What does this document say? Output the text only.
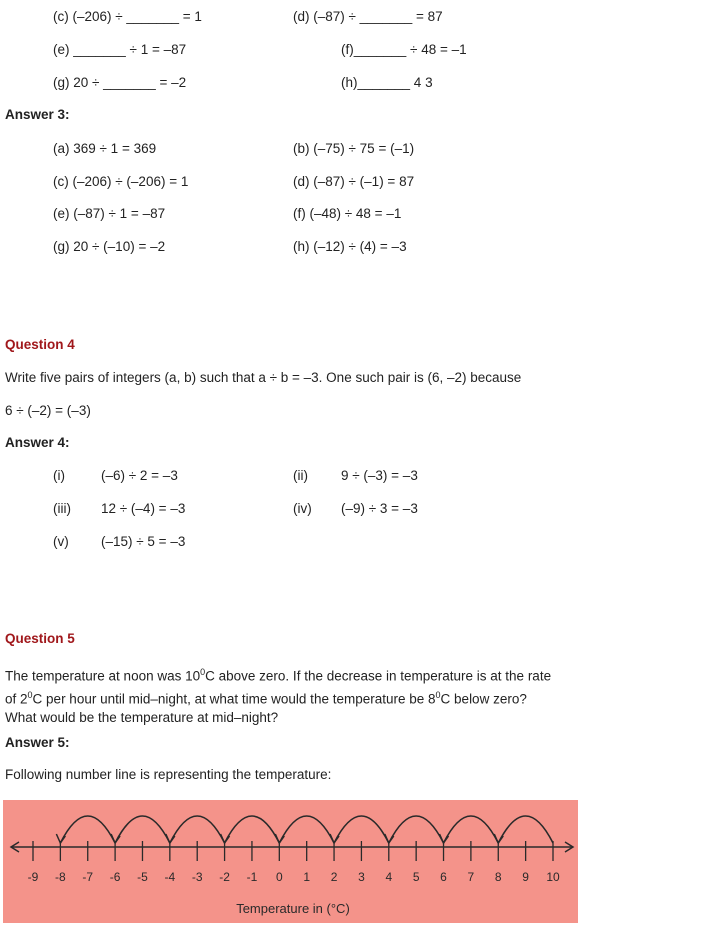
(c) (–206) ÷ _______ = 1	(d) (–87) ÷ _______ = 87
(e) _______ ÷ 1 = –87	(f)_______ ÷ 48 = –1
(g) 20 ÷ _______ = –2	(h)_______ 4 3
Answer 3:
(a) 369 ÷ 1 = 369	(b) (–75) ÷ 75 = (–1)
(c) (–206) ÷ (–206) = 1	(d) (–87) ÷ (–1) = 87
(e) (–87) ÷ 1 = –87	(f) (–48) ÷ 48 = –1
(g) 20 ÷ (–10) = –2	(h) (–12) ÷ (4) = –3
Question 4
Write five pairs of integers (a, b) such that a ÷ b = –3. One such pair is (6, –2) because
6 ÷ (–2) = (–3)
Answer 4:
(i)	(–6) ÷ 2 = –3	(ii) 9 ÷ (–3) = –3
(iii) 12 ÷ (–4) = –3	(iv) (–9) ÷ 3 = –3
(v) (–15) ÷ 5 = –3
Question 5
The temperature at noon was $10^0C$ above zero. If the decrease in temperature is at the rate
of $2^0C$ per hour until mid–night, at what time would the temperature be $8^0C$ below zero?
What would be the temperature at mid–night?
Answer 5:
Following number line is representing the temperature:
-9 -8 -7 -6 -5 -4 -3 -2 -1 0 1 2 3 4 5 6 7 8 9 10
Temperature in (°C)
